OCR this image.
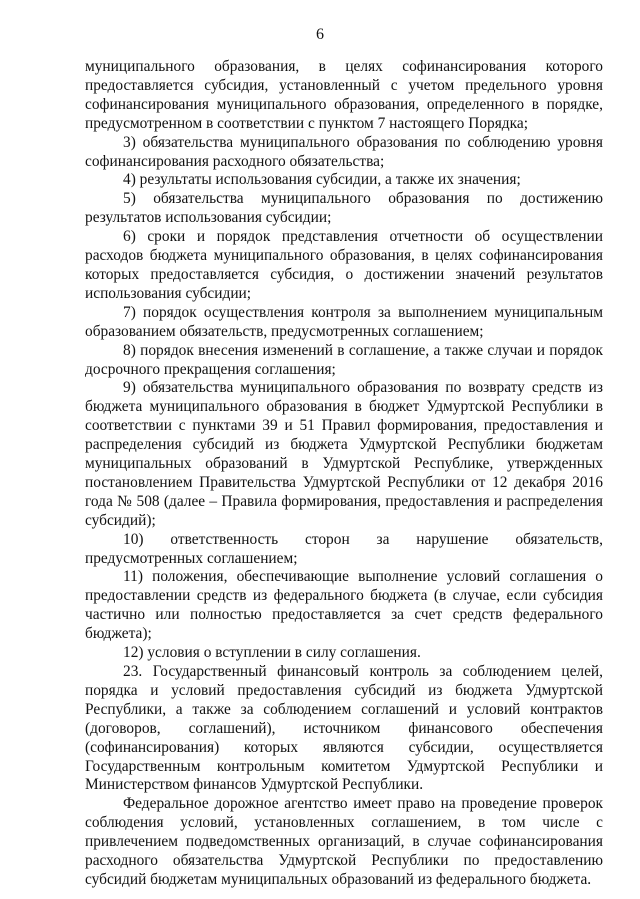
6

муниципального образования, в целях софинансирования которого предоставляется субсидия, установленный с учетом предельного уровня софинансирования муниципального образования, определенного в порядке, предусмотренном в соответствии с пунктом 7 настоящего Порядка;

3) обязательства муниципального образования по соблюдению уровня софинансирования расходного обязательства;

4) результаты использования субсидии, а также их значения;

5) обязательства муниципального образования по достижению результатов использования субсидии;

6) сроки и порядок представления отчетности об осуществлении расходов бюджета муниципального образования, в целях софинансирования которых предоставляется субсидия, о достижении значений результатов использования субсидии;

7) порядок осуществления контроля за выполнением муниципальным образованием обязательств, предусмотренных соглашением;

8) порядок внесения изменений в соглашение, а также случаи и порядок досрочного прекращения соглашения;

9) обязательства муниципального образования по возврату средств из бюджета муниципального образования в бюджет Удмуртской Республики в соответствии с пунктами 39 и 51 Правил формирования, предоставления и распределения субсидий из бюджета Удмуртской Республики бюджетам муниципальных образований в Удмуртской Республике, утвержденных постановлением Правительства Удмуртской Республики от 12 декабря 2016 года № 508 (далее – Правила формирования, предоставления и распределения субсидий);

10) ответственность сторон за нарушение обязательств, предусмотренных соглашением;

11) положения, обеспечивающие выполнение условий соглашения о предоставлении средств из федерального бюджета (в случае, если субсидия частично или полностью предоставляется за счет средств федерального бюджета);

12) условия о вступлении в силу соглашения.

23. Государственный финансовый контроль за соблюдением целей, порядка и условий предоставления субсидий из бюджета Удмуртской Республики, а также за соблюдением соглашений и условий контрактов (договоров, соглашений), источником финансового обеспечения (софинансирования) которых являются субсидии, осуществляется Государственным контрольным комитетом Удмуртской Республики и Министерством финансов Удмуртской Республики.

Федеральное дорожное агентство имеет право на проведение проверок соблюдения условий, установленных соглашением, в том числе с привлечением подведомственных организаций, в случае софинансирования расходного обязательства Удмуртской Республики по предоставлению субсидий бюджетам муниципальных образований из федерального бюджета.
